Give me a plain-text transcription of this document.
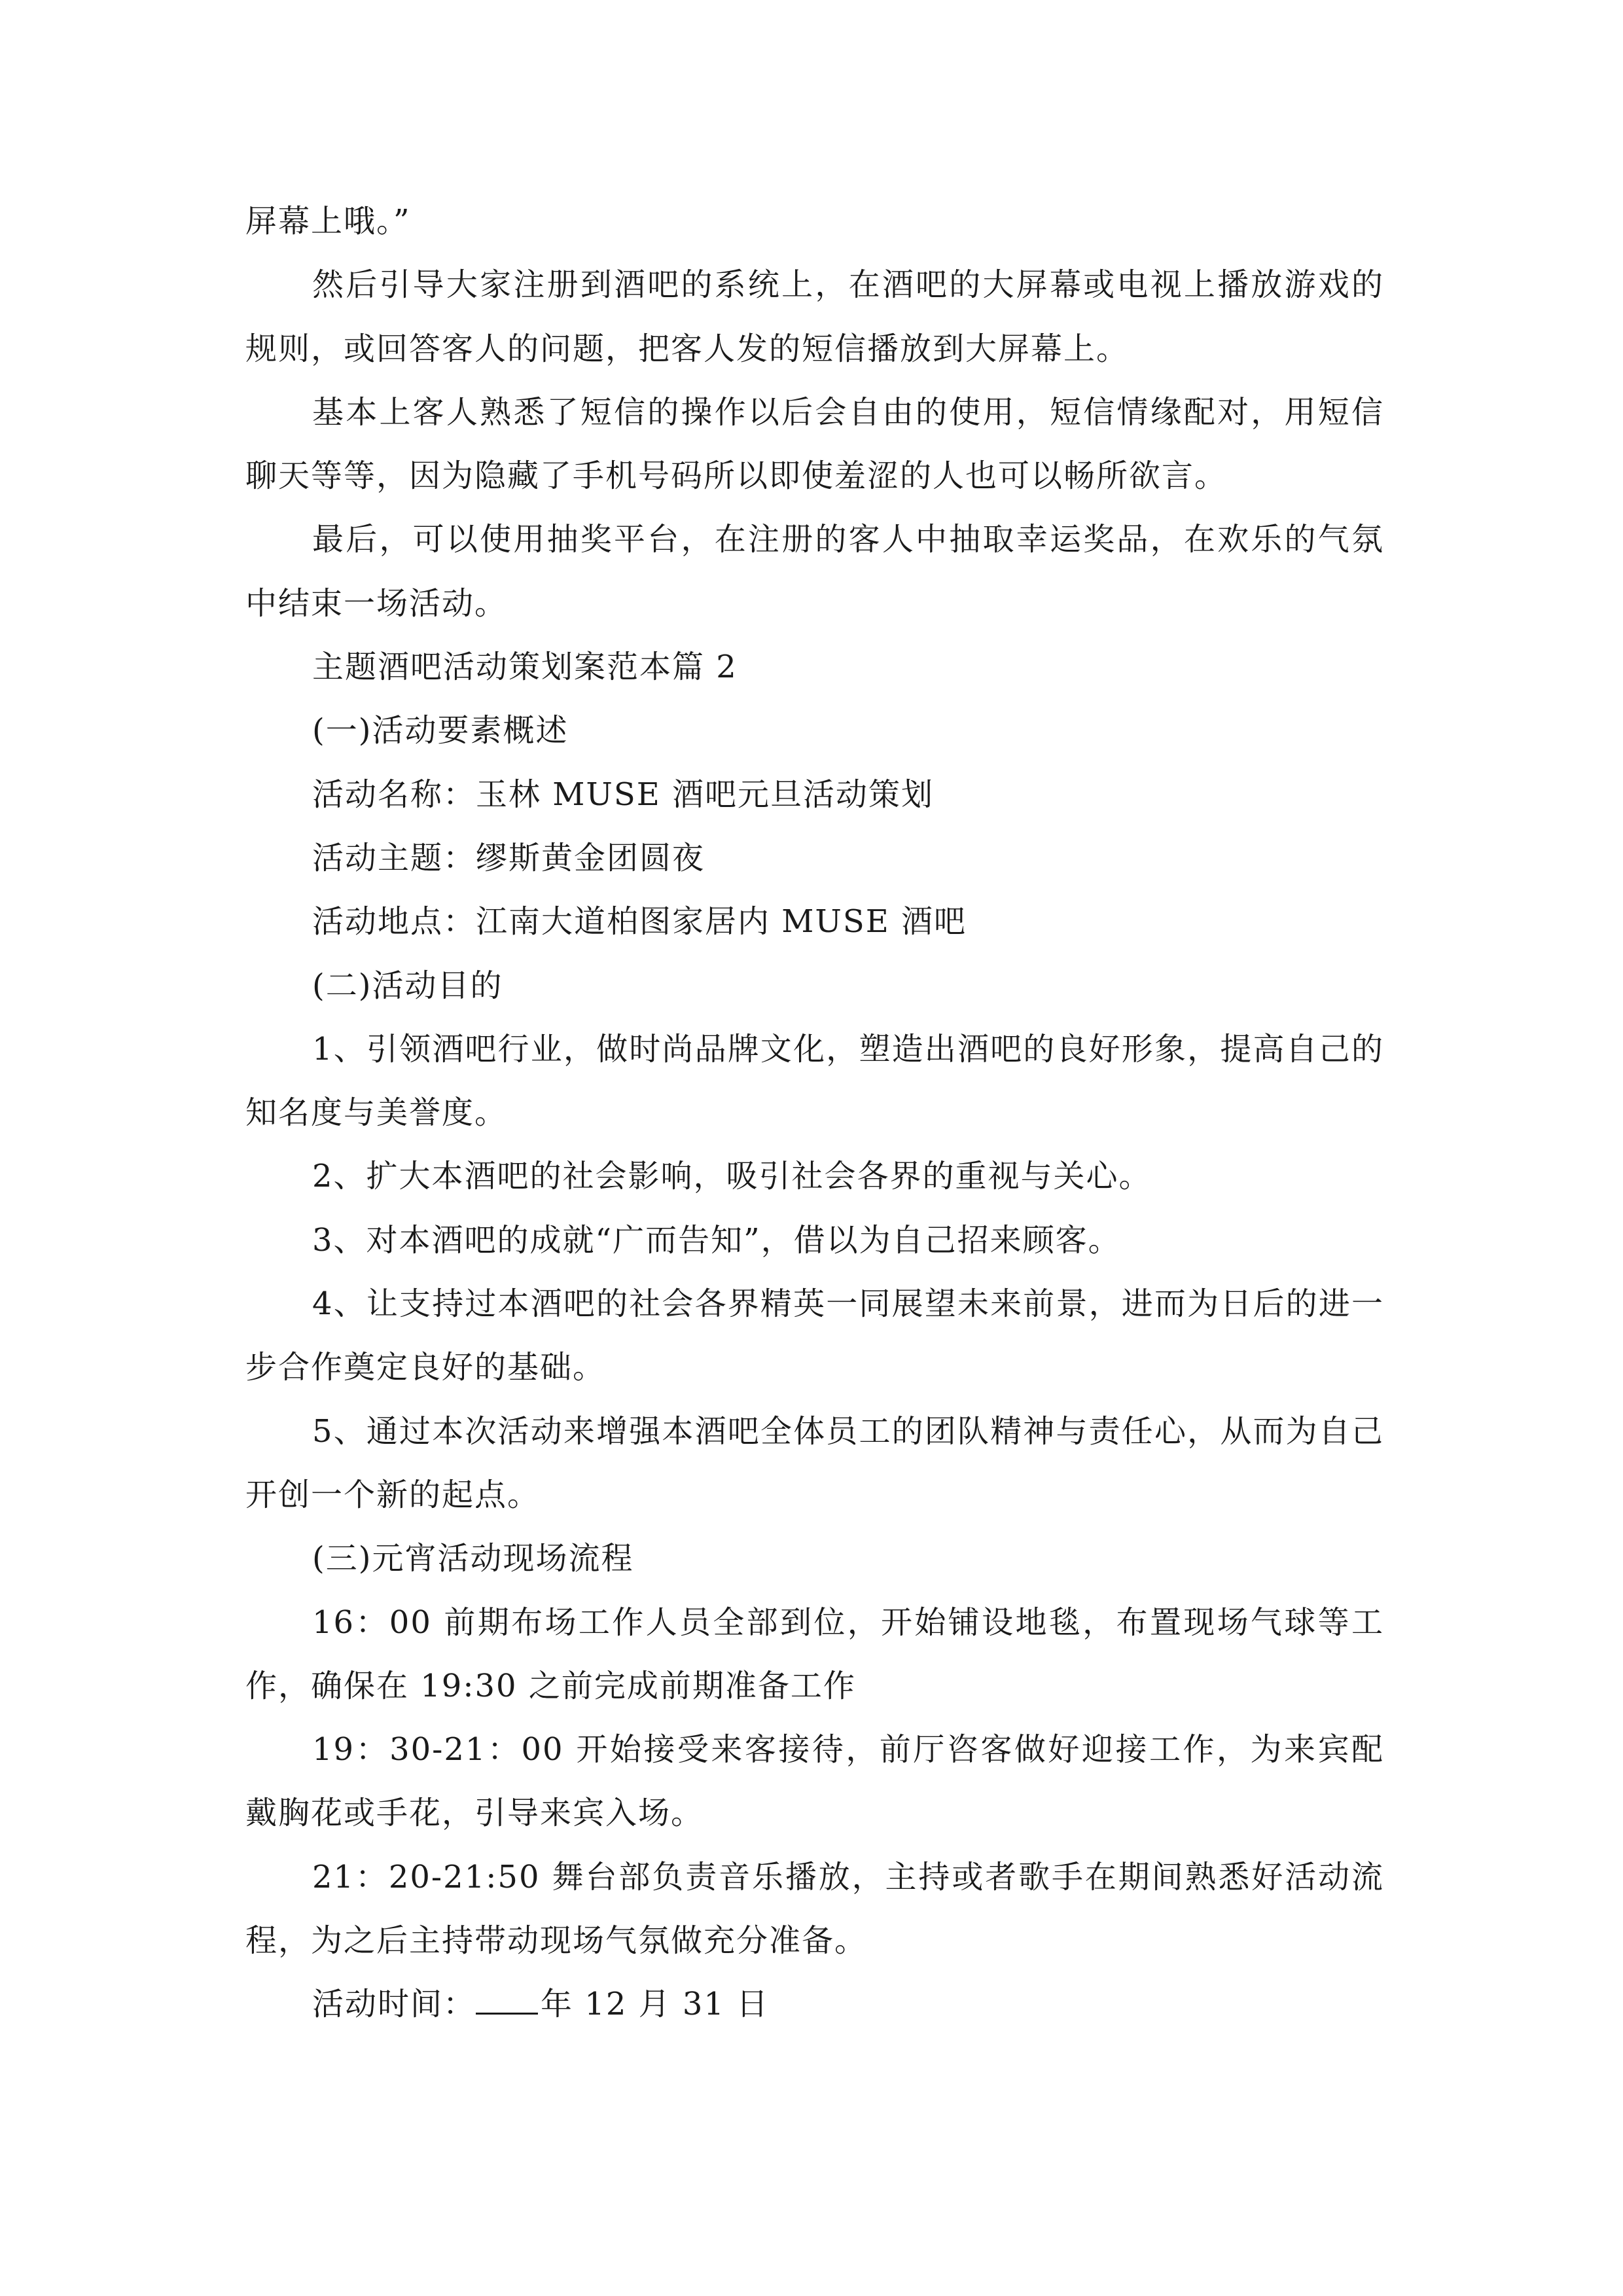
屏幕上哦。”

然后引导大家注册到酒吧的系统上，在酒吧的大屏幕或电视上播放游戏的规则，或回答客人的问题，把客人发的短信播放到大屏幕上。

基本上客人熟悉了短信的操作以后会自由的使用，短信情缘配对，用短信聊天等等，因为隐藏了手机号码所以即使羞涩的人也可以畅所欲言。

最后，可以使用抽奖平台，在注册的客人中抽取幸运奖品，在欢乐的气氛中结束一场活动。

主题酒吧活动策划案范本篇 2

(一)活动要素概述

活动名称：玉林 MUSE 酒吧元旦活动策划

活动主题：缪斯黄金团圆夜

活动地点：江南大道柏图家居内 MUSE 酒吧

(二)活动目的

1、引领酒吧行业，做时尚品牌文化，塑造出酒吧的良好形象，提高自己的知名度与美誉度。

2、扩大本酒吧的社会影响，吸引社会各界的重视与关心。

3、对本酒吧的成就“广而告知”，借以为自己招来顾客。

4、让支持过本酒吧的社会各界精英一同展望未来前景，进而为日后的进一步合作奠定良好的基础。

5、通过本次活动来增强本酒吧全体员工的团队精神与责任心，从而为自己开创一个新的起点。

(三)元宵活动现场流程

16：00 前期布场工作人员全部到位，开始铺设地毯，布置现场气球等工作，确保在 19:30 之前完成前期准备工作

19：30-21：00 开始接受来客接待，前厅咨客做好迎接工作，为来宾配戴胸花或手花，引导来宾入场。

21：20-21:50 舞台部负责音乐播放，主持或者歌手在期间熟悉好活动流程，为之后主持带动现场气氛做充分准备。

活动时间： 年 12 月 31 日
